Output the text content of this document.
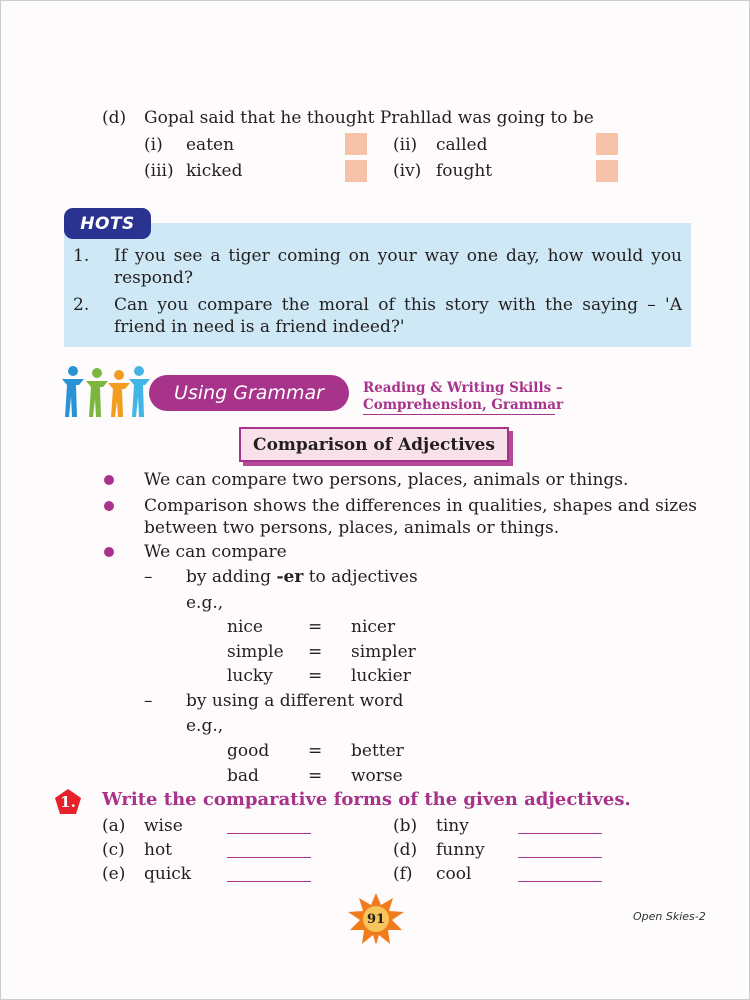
(d) Gopal said that he thought Prahllad was going to be
(i) eaten	(ii) called
(iii) kicked	(iv) fought
HOTS
1. If you see a tiger coming on your way one day, how would you respond?
2. Can you compare the moral of this story with the saying – 'A friend in need is a friend indeed?'
Using Grammar	Reading & Writing Skills –
Comprehension, Grammar
Comparison of Adjectives
We can compare two persons, places, animals or things.
Comparison shows the differences in qualities, shapes and sizes
between two persons, places, animals or things.
We can compare
– by adding -er to adjectives
e.g.,
nice	= nicer
simple = simpler
lucky = luckier
– by using a different word
e.g.,
good = better
bad	= worse
1.	Write the comparative forms of the given adjectives.
(a) wise	(b) tiny
(c) hot	(d) funny
(e) quick	(f) cool
91	Open Skies-2
